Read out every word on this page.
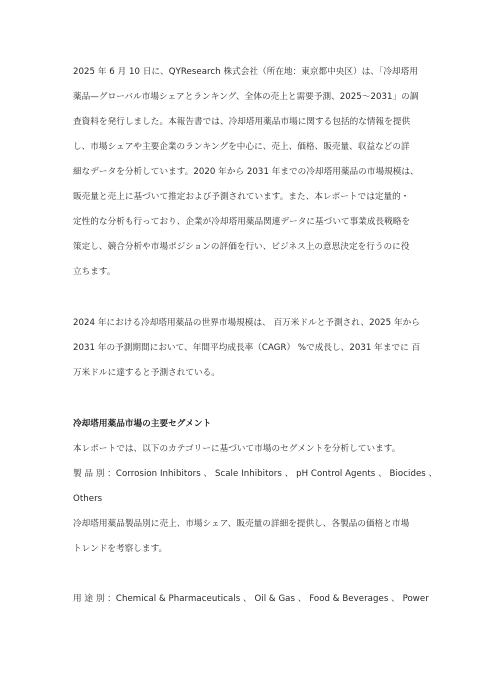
2025 年 6 月 10 日に、QYResearch 株式会社（所在地：東京都中央区）は、「冷却塔用
薬品—グローバル市場シェアとランキング、全体の売上と需要予測、2025～2031」の調
査資料を発行しました。本報告書では、冷却塔用薬品市場に関する包括的な情報を提供
し、市場シェアや主要企業のランキングを中心に、売上、価格、販売量、収益などの詳
細なデータを分析しています。2020 年から 2031 年までの冷却塔用薬品の市場規模は、
販売量と売上に基づいて推定および予測されています。また、本レポートでは定量的・
定性的な分析も行っており、企業が冷却塔用薬品関連データに基づいて事業成長戦略を
策定し、競合分析や市場ポジションの評価を行い、ビジネス上の意思決定を行うのに役
立ちます。
2024 年における冷却塔用薬品の世界市場規模は、 百万米ドルと予測され、2025 年から
2031 年の予測期間において、年間平均成長率（CAGR） %で成長し、2031 年までに 百
万米ドルに達すると予測されている。
冷却塔用薬品市場の主要セグメント
本レポートでは、以下のカテゴリーに基づいて市場のセグメントを分析しています。
製 品 別 ：Corrosion Inhibitors 、 Scale Inhibitors 、 pH Control Agents 、 Biocides 、
Others
冷却塔用薬品製品別に売上、市場シェア、販売量の詳細を提供し、各製品の価格と市場
トレンドを考察します。
用 途 別 ：Chemical & Pharmaceuticals 、 Oil & Gas 、 Food & Beverages 、 Power
